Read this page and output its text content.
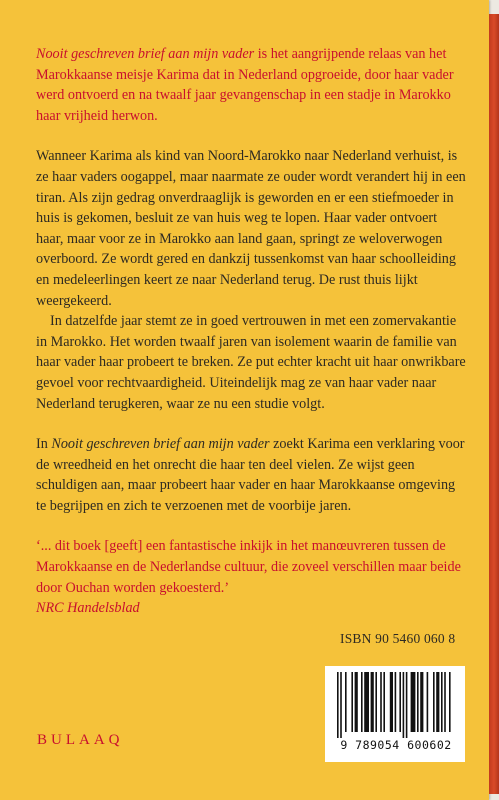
Nooit geschreven brief aan mijn vader is het aangrijpende relaas van het Marokkaanse meisje Karima dat in Nederland opgroeide, door haar vader werd ontvoerd en na twaalf jaar gevangenschap in een stadje in Marokko haar vrijheid herwon.

Wanneer Karima als kind van Noord-Marokko naar Nederland verhuist, is ze haar vaders oogappel, maar naarmate ze ouder wordt verandert hij in een tiran. Als zijn gedrag onverdraaglijk is geworden en er een stiefmoeder in huis is gekomen, besluit ze van huis weg te lopen. Haar vader ontvoert haar, maar voor ze in Marokko aan land gaan, springt ze weloverwogen overboord. Ze wordt gered en dankzij tussenkomst van haar schoolleiding en medeleerlingen keert ze naar Nederland terug. De rust thuis lijkt weergekeerd.

In datzelfde jaar stemt ze in goed vertrouwen in met een zomervakantie in Marokko. Het worden twaalf jaren van isolement waarin de familie van haar vader haar probeert te breken. Ze put echter kracht uit haar onwrikbare gevoel voor rechtvaardigheid. Uiteindelijk mag ze van haar vader naar Nederland terugkeren, waar ze nu een studie volgt.

In Nooit geschreven brief aan mijn vader zoekt Karima een verklaring voor de wreedheid en het onrecht die haar ten deel vielen. Ze wijst geen schuldigen aan, maar probeert haar vader en haar Marokkaanse omgeving te begrijpen en zich te verzoenen met de voorbije jaren.

‘... dit boek [geeft] een fantastische inkijk in het manœuvreren tussen de Marokkaanse en de Nederlandse cultuur, die zoveel verschillen maar beide door Ouchan worden gekoesterd.’
NRC Handelsblad

ISBN 90 5460 060 8
9 789054 600602
BULAAQ
